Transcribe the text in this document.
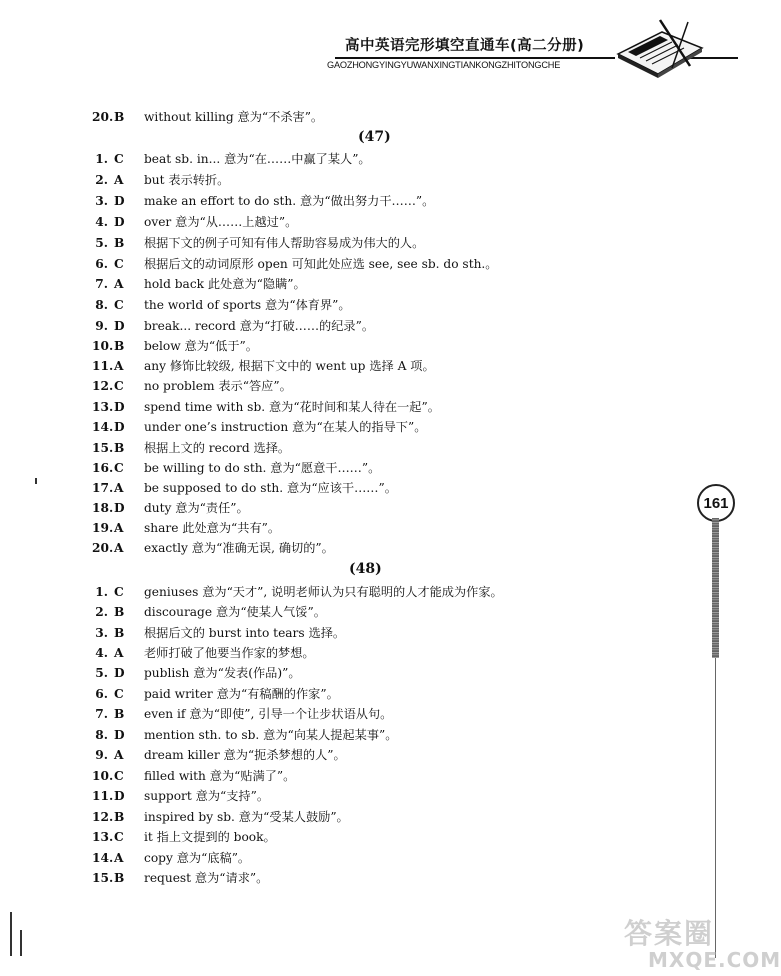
高中英语完形填空直通车(高二分册)
GAOZHONGYINGYUWANXINGTIANKONGZHITONGCHE
20.B without killing 意为“不杀害”。
(47)
1. C beat sb. in... 意为“在……中赢了某人”。
2. A but 表示转折。
3. D make an effort to do sth. 意为“做出努力干……”。
4. D over 意为“从……上越过”。
5. B 根据下文的例子可知有伟人帮助容易成为伟大的人。
6. C 根据后文的动词原形 open 可知此处应选 see, see sb. do sth.。
7. A hold back 此处意为“隐瞒”。
8. C the world of sports 意为“体育界”。
9. D break... record 意为“打破……的纪录”。
10.B below 意为“低于”。
11.A any 修饰比较级, 根据下文中的 went up 选择 A 项。
12.C no problem 表示“答应”。
13.D spend time with sb. 意为“花时间和某人待在一起”。
14.D under one’s instruction 意为“在某人的指导下”。
15.B 根据上文的 record 选择。
16.C be willing to do sth. 意为“愿意干……”。
17.A be supposed to do sth. 意为“应该干……”。
18.D duty 意为“责任”。
19.A share 此处意为“共有”。
20.A exactly 意为“准确无误, 确切的”。
(48)
1. C geniuses 意为“天才”, 说明老师认为只有聪明的人才能成为作家。
2. B discourage 意为“使某人气馁”。
3. B 根据后文的 burst into tears 选择。
4. A 老师打破了他要当作家的梦想。
5. D publish 意为“发表(作品)”。
6. C paid writer 意为“有稿酬的作家”。
7. B even if 意为“即使”, 引导一个让步状语从句。
8. D mention sth. to sb. 意为“向某人提起某事”。
9. A dream killer 意为“扼杀梦想的人”。
10.C filled with 意为“贴满了”。
11.D support 意为“支持”。
12.B inspired by sb. 意为“受某人鼓励”。
13.C it 指上文提到的 book。
14.A copy 意为“底稿”。
15.B request 意为“请求”。
161
答案圈
MXQE.COM
